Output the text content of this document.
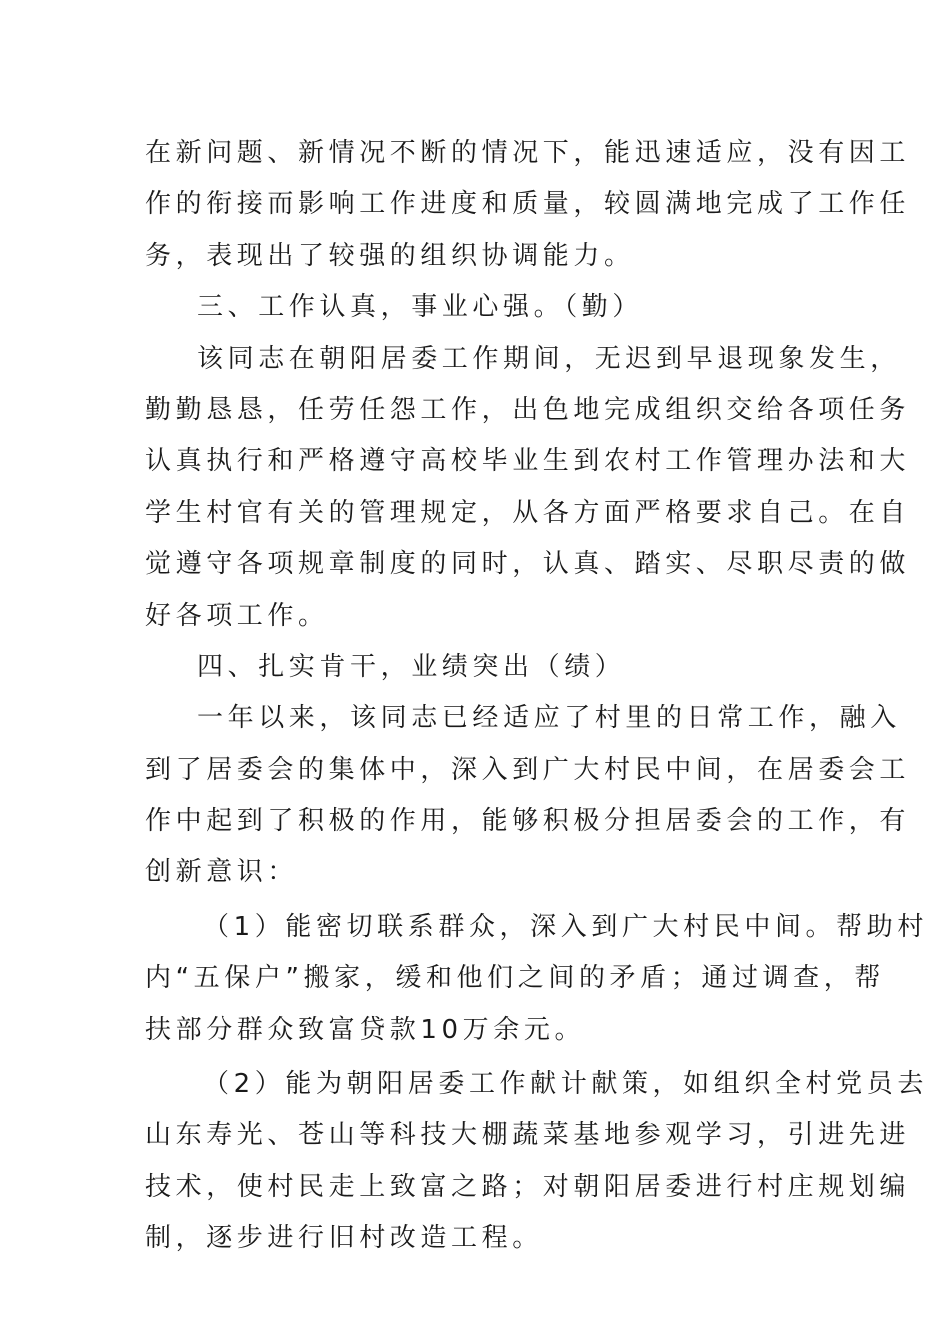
在新问题、新情况不断的情况下，能迅速适应，没有因工
作的衔接而影响工作进度和质量，较圆满地完成了工作任
务，表现出了较强的组织协调能力。
三、工作认真，事业心强。（勤）
该同志在朝阳居委工作期间，无迟到早退现象发生，
勤勤恳恳，任劳任怨工作，出色地完成组织交给各项任务
认真执行和严格遵守高校毕业生到农村工作管理办法和大
学生村官有关的管理规定，从各方面严格要求自己。在自
觉遵守各项规章制度的同时，认真、踏实、尽职尽责的做
好各项工作。
四、扎实肯干，业绩突出（绩）
一年以来，该同志已经适应了村里的日常工作，融入
到了居委会的集体中，深入到广大村民中间，在居委会工
作中起到了积极的作用，能够积极分担居委会的工作，有
创新意识：
（1）能密切联系群众，深入到广大村民中间。帮助村
内“五保户”搬家，缓和他们之间的矛盾；通过调查，帮
扶部分群众致富贷款10万余元。
（2）能为朝阳居委工作献计献策，如组织全村党员去
山东寿光、苍山等科技大棚蔬菜基地参观学习，引进先进
技术，使村民走上致富之路；对朝阳居委进行村庄规划编
制，逐步进行旧村改造工程。
